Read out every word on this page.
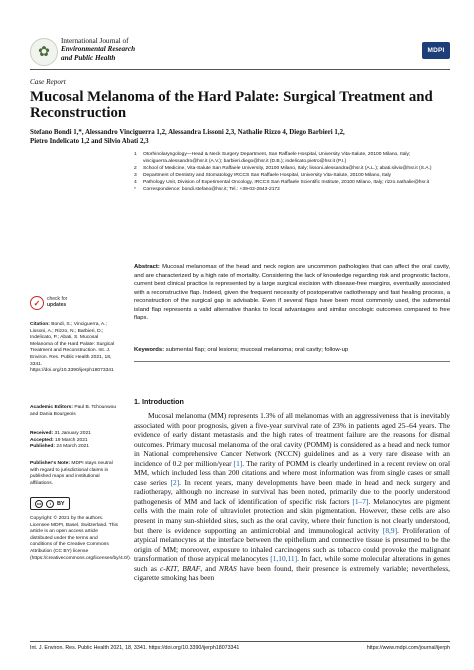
✿
International Journal of
Environmental Research
and Public Health
MDPI
Case Report
Mucosal Melanoma of the Hard Palate: Surgical Treatment and Reconstruction
Stefano Bondi 1,*, Alessandro Vinciguerra 1,2, Alessandra Lissoni 2,3, Nathalie Rizzo 4, Diego Barbieri 1,2,
Pietro Indelicato 1,2 and Silvio Abati 2,3
1	Otorhinolaryngology—Head & Neck Surgery Department, San Raffaele Hospital, University Vita-Salute, 20100 Milano, Italy; vinciguerra.alessandro@hsr.it (A.V.); barbieri.diego@hsr.it (D.B.); indelicato.pietro@hsr.it (P.I.)
2	School of Medicine, Vita-Salute San Raffaele University, 20100 Milano, Italy; lissoni.alessandra@hsr.it (A.L.); abati.silvio@hsr.it (S.A.)
3	Department of Dentistry and Stomatology IRCCS San Raffaele Hospital, University Vita-Salute, 20100 Milano, Italy
4	Pathology Unit, Division of Experimental Oncology, IRCCS San Raffaele Scientific Institute, 20100 Milano, Italy; rizzo.nathalie@hsr.it
*	Correspondence: bondi.stefano@hsr.it; Tel.: +39-02-2643-2172
Abstract: Mucosal melanomas of the head and neck region are uncommon pathologies that can affect the oral cavity, and are characterized by a high rate of mortality. Considering the lack of knowledge regarding risk and prognostic factors, current best clinical practice is represented by a large surgical excision with disease-free margins, eventually associated with a reconstructive flap. Indeed, given the frequent necessity of postoperative radiotherapy and fast healing process, a reconstruction of the surgical gap is advisable. Even if several flaps have been most commonly used, the submental island flap represents a valid alternative thanks to local advantages and similar oncologic outcomes compared to free flaps.
Keywords: submental flap; oral lesions; mucosal melanoma; oral cavity; follow-up
✓	check for
updates
Citation: Bondi, S.; Vinciguerra, A.; Lissoni, A.; Rizzo, N.; Barbieri, D.; Indelicato, P.; Abati, S. Mucosal Melanoma of the Hard Palate: Surgical Treatment and Reconstruction. Int. J. Environ. Res. Public Health 2021, 18, 3341. https://doi.org/10.3390/ijerph18073341
Academic Editors: Paul B. Tchounwou and Dania Bourgeois
Received: 31 January 2021
Accepted: 19 March 2021
Published: 24 March 2021
Publisher's Note: MDPI stays neutral with regard to jurisdictional claims in published maps and institutional affiliations.
cc	i	BY
Copyright: © 2021 by the authors. Licensee MDPI, Basel, Switzerland. This article is an open access article distributed under the terms and conditions of the Creative Commons Attribution (CC BY) license (https://creativecommons.org/licenses/by/4.0/).
1. Introduction
Mucosal melanoma (MM) represents 1.3% of all melanomas with an aggressiveness that is inevitably associated with poor prognosis, given a five-year survival rate of 23% in patients aged 25–64 years. The evidence of early distant metastasis and the high rates of treatment failure are the reasons for dismal outcomes. Primary mucosal melanoma of the oral cavity (POMM) is considered as a head and neck tumor in National comprehensive Cancer Network (NCCN) guidelines and as a very rare disease with an incidence of 0.2 per million/year [1]. The rarity of POMM is clearly underlined in a recent review on oral MM, which included less than 200 citations and where most information was from single cases or small case series [2]. In recent years, many developments have been made in head and neck surgery and radiotherapy, although no increase in survival has been noted, primarily due to the poorly understood pathogenesis of MM and lack of identification of specific risk factors [1–7]. Melanocytes are pigment cells with the main role of ultraviolet protection and skin pigmentation. However, these cells are also present in many sun-shielded sites, such as the oral cavity, where their function is not clearly understood, but there is evidence supporting an antimicrobial and immunological activity [8,9]. Proliferation of atypical melanocytes at the interface between the epithelium and connective tissue is presumed to be the origin of MM; moreover, exposure to inhaled carcinogens such as tobacco could provoke the malignant transformation of those atypical melanocytes [1,10,11]. In fact, while some molecular alterations in genes such as c-KIT, BRAF, and NRAS have been found, their presence is extremely variable; nevertheless, cigarette smoking has been
Int. J. Environ. Res. Public Health 2021, 18, 3341. https://doi.org/10.3390/ijerph18073341	https://www.mdpi.com/journal/ijerph
